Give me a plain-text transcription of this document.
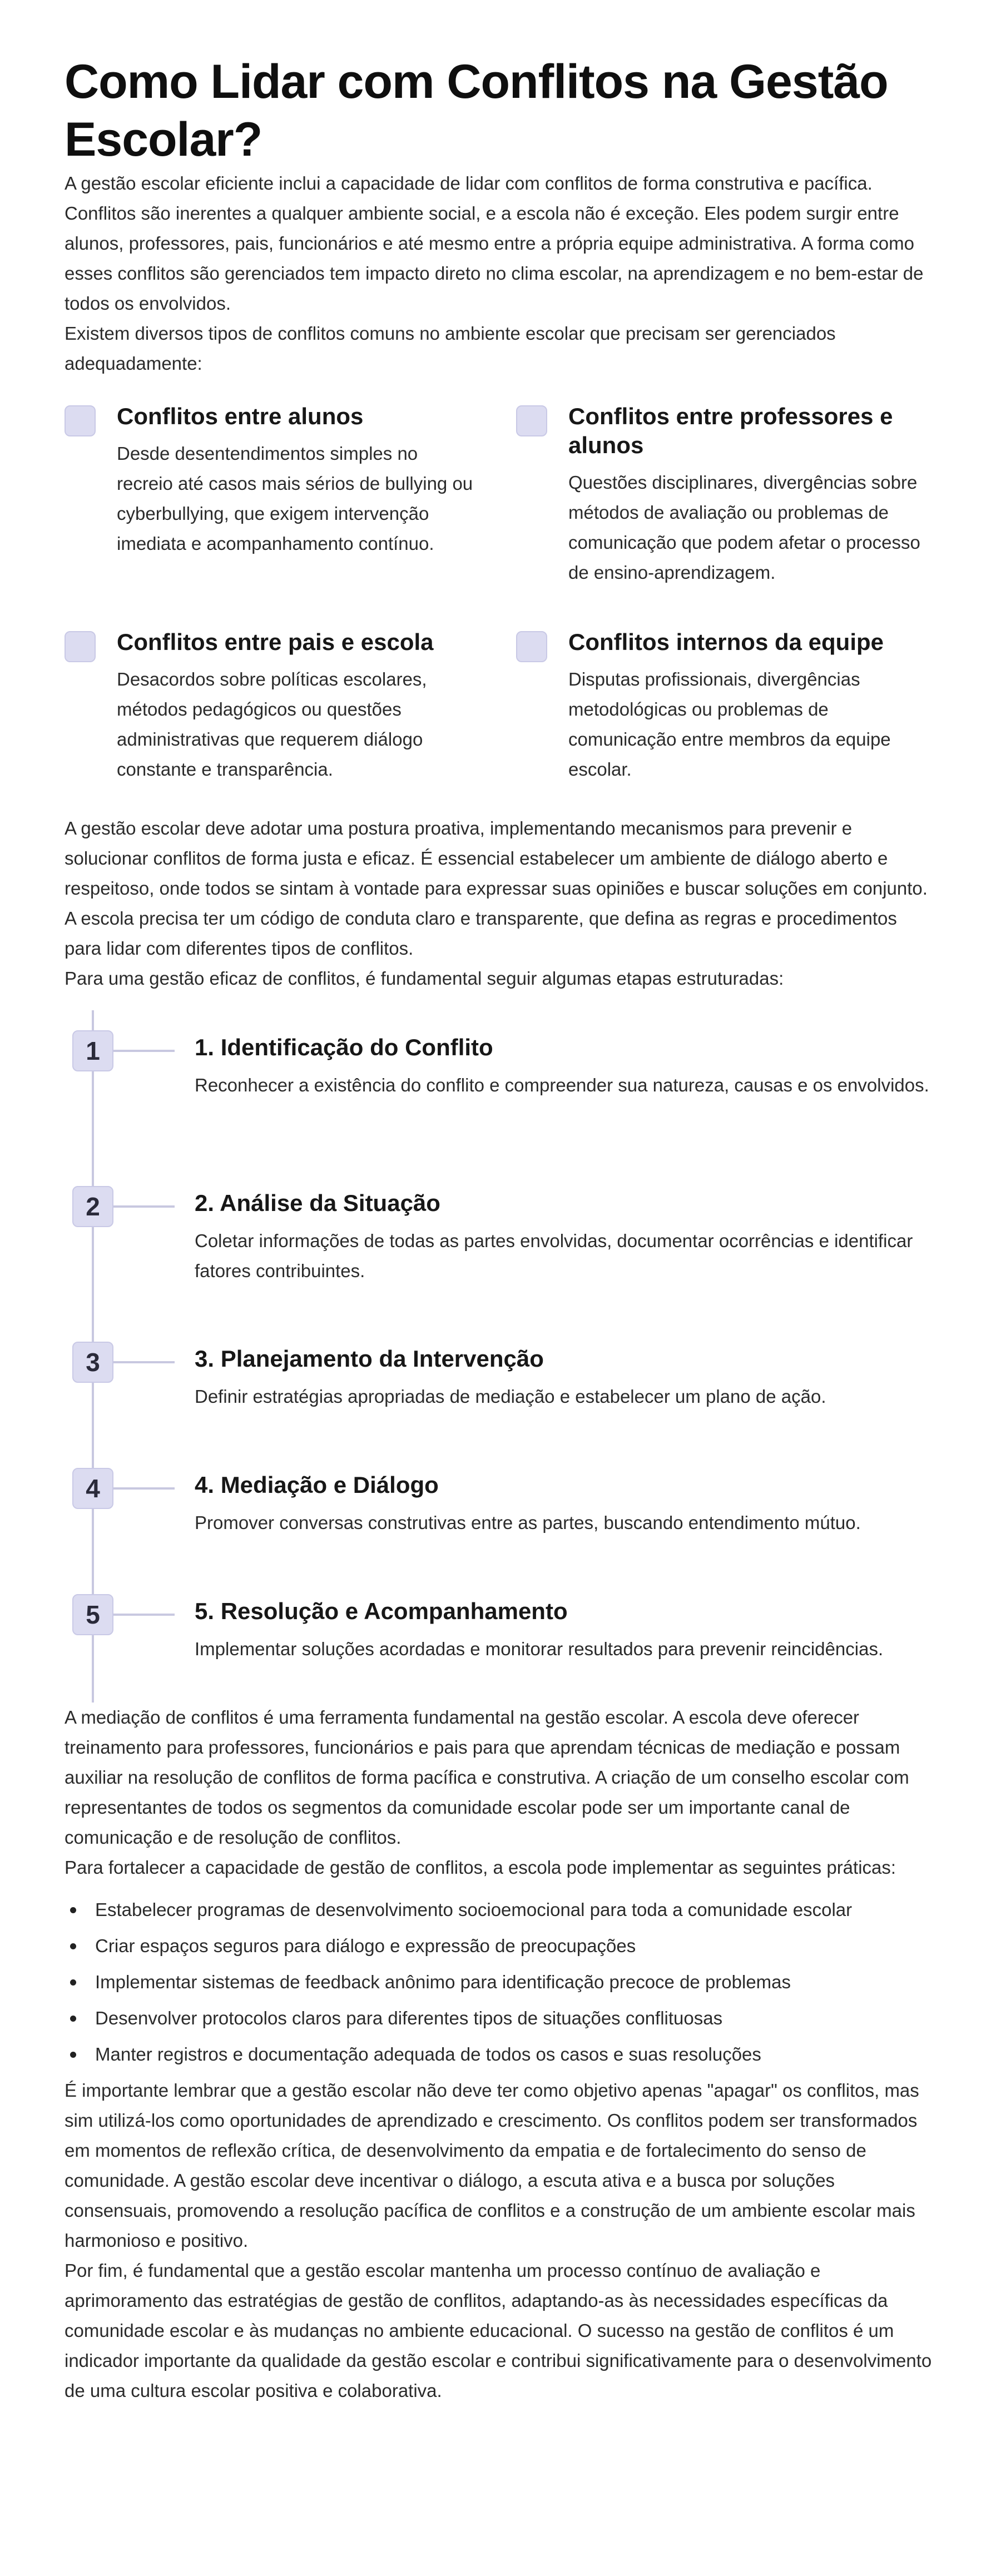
Como Lidar com Conflitos na Gestão Escolar?

A gestão escolar eficiente inclui a capacidade de lidar com conflitos de forma construtiva e pacífica. Conflitos são inerentes a qualquer ambiente social, e a escola não é exceção. Eles podem surgir entre alunos, professores, pais, funcionários e até mesmo entre a própria equipe administrativa. A forma como esses conflitos são gerenciados tem impacto direto no clima escolar, na aprendizagem e no bem-estar de todos os envolvidos.

Existem diversos tipos de conflitos comuns no ambiente escolar que precisam ser gerenciados adequadamente:

Conflitos entre alunos

Desde desentendimentos simples no recreio até casos mais sérios de bullying ou cyberbullying, que exigem intervenção imediata e acompanhamento contínuo.

Conflitos entre professores e alunos

Questões disciplinares, divergências sobre métodos de avaliação ou problemas de comunicação que podem afetar o processo de ensino-aprendizagem.

Conflitos entre pais e escola

Desacordos sobre políticas escolares, métodos pedagógicos ou questões administrativas que requerem diálogo constante e transparência.

Conflitos internos da equipe

Disputas profissionais, divergências metodológicas ou problemas de comunicação entre membros da equipe escolar.

A gestão escolar deve adotar uma postura proativa, implementando mecanismos para prevenir e solucionar conflitos de forma justa e eficaz. É essencial estabelecer um ambiente de diálogo aberto e respeitoso, onde todos se sintam à vontade para expressar suas opiniões e buscar soluções em conjunto. A escola precisa ter um código de conduta claro e transparente, que defina as regras e procedimentos para lidar com diferentes tipos de conflitos.

Para uma gestão eficaz de conflitos, é fundamental seguir algumas etapas estruturadas:

1	1. Identificação do Conflito

Reconhecer a existência do conflito e compreender sua natureza, causas e os envolvidos.

2	2. Análise da Situação

Coletar informações de todas as partes envolvidas, documentar ocorrências e identificar fatores contribuintes.

3	3. Planejamento da Intervenção

Definir estratégias apropriadas de mediação e estabelecer um plano de ação.

4	4. Mediação e Diálogo

Promover conversas construtivas entre as partes, buscando entendimento mútuo.

5	5. Resolução e Acompanhamento

Implementar soluções acordadas e monitorar resultados para prevenir reincidências.

A mediação de conflitos é uma ferramenta fundamental na gestão escolar. A escola deve oferecer treinamento para professores, funcionários e pais para que aprendam técnicas de mediação e possam auxiliar na resolução de conflitos de forma pacífica e construtiva. A criação de um conselho escolar com representantes de todos os segmentos da comunidade escolar pode ser um importante canal de comunicação e de resolução de conflitos.

Para fortalecer a capacidade de gestão de conflitos, a escola pode implementar as seguintes práticas:

Estabelecer programas de desenvolvimento socioemocional para toda a comunidade escolar
Criar espaços seguros para diálogo e expressão de preocupações
Implementar sistemas de feedback anônimo para identificação precoce de problemas
Desenvolver protocolos claros para diferentes tipos de situações conflituosas
Manter registros e documentação adequada de todos os casos e suas resoluções

É importante lembrar que a gestão escolar não deve ter como objetivo apenas "apagar" os conflitos, mas sim utilizá-los como oportunidades de aprendizado e crescimento. Os conflitos podem ser transformados em momentos de reflexão crítica, de desenvolvimento da empatia e de fortalecimento do senso de comunidade. A gestão escolar deve incentivar o diálogo, a escuta ativa e a busca por soluções consensuais, promovendo a resolução pacífica de conflitos e a construção de um ambiente escolar mais harmonioso e positivo.

Por fim, é fundamental que a gestão escolar mantenha um processo contínuo de avaliação e aprimoramento das estratégias de gestão de conflitos, adaptando-as às necessidades específicas da comunidade escolar e às mudanças no ambiente educacional. O sucesso na gestão de conflitos é um indicador importante da qualidade da gestão escolar e contribui significativamente para o desenvolvimento de uma cultura escolar positiva e colaborativa.
